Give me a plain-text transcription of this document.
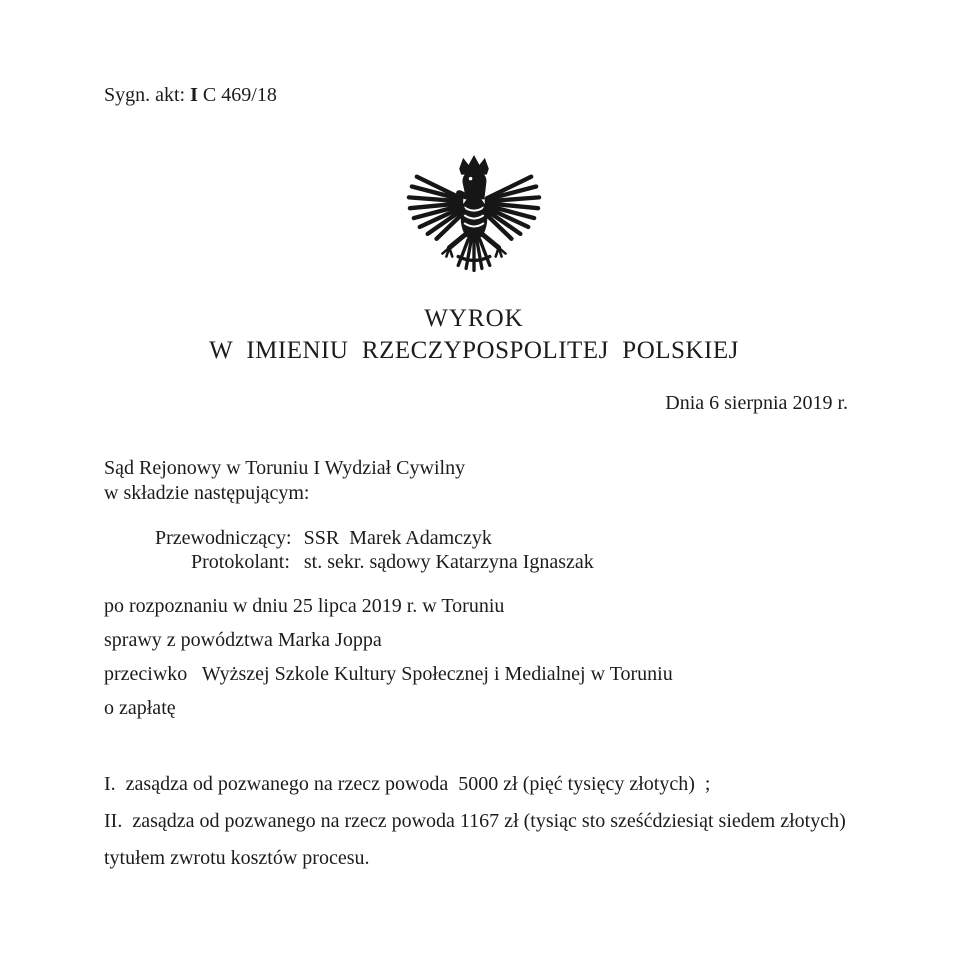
Sygn. akt: I C 469/18
WYROK
W  IMIENIU  RZECZYPOSPOLITEJ  POLSKIEJ
Dnia 6 sierpnia 2019 r.
Sąd Rejonowy w Toruniu I Wydział Cywilny
w składzie następującym:
Przewodniczący: SSR  Marek Adamczyk
Protokolant: st. sekr. sądowy Katarzyna Ignaszak
po rozpoznaniu w dniu 25 lipca 2019 r. w Toruniu
sprawy z powództwa Marka Joppa
przeciwko   Wyższej Szkole Kultury Społecznej i Medialnej w Toruniu
o zapłatę
I.  zasądza od pozwanego na rzecz powoda  5000 zł (pięć tysięcy złotych)  ;
II.  zasądza od pozwanego na rzecz powoda 1167 zł (tysiąc sto sześćdziesiąt siedem złotych)
tytułem zwrotu kosztów procesu.
